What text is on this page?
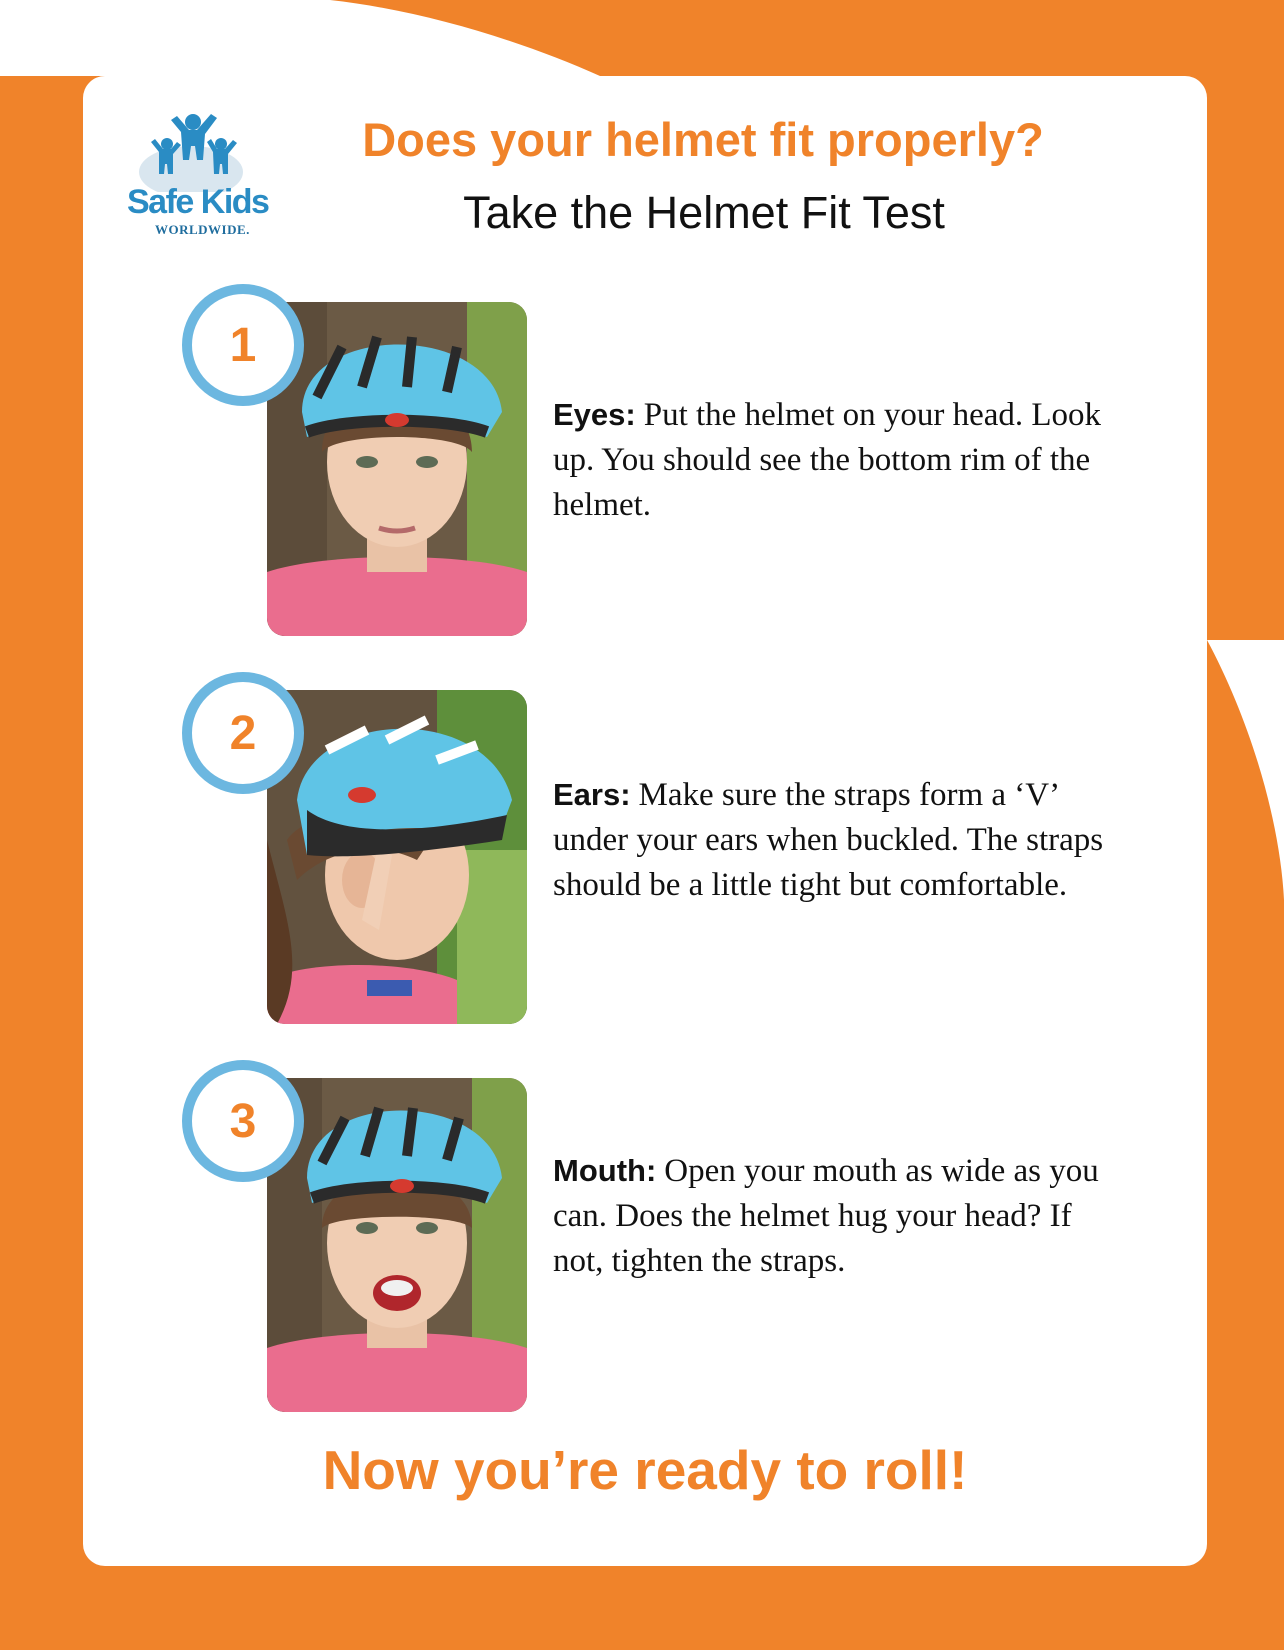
Safe Kids
WORLDWIDE.
Does your helmet fit properly?
Take the Helmet Fit Test
1
Eyes: Put the helmet on your head. Look up. You should see the bottom rim of the helmet.
2
Ears: Make sure the straps form a ‘V’ under your ears when buckled. The straps should be a little tight but comfortable.
3
Mouth: Open your mouth as wide as you can. Does the helmet hug your head? If not, tighten the straps.
Now you’re ready to roll!
